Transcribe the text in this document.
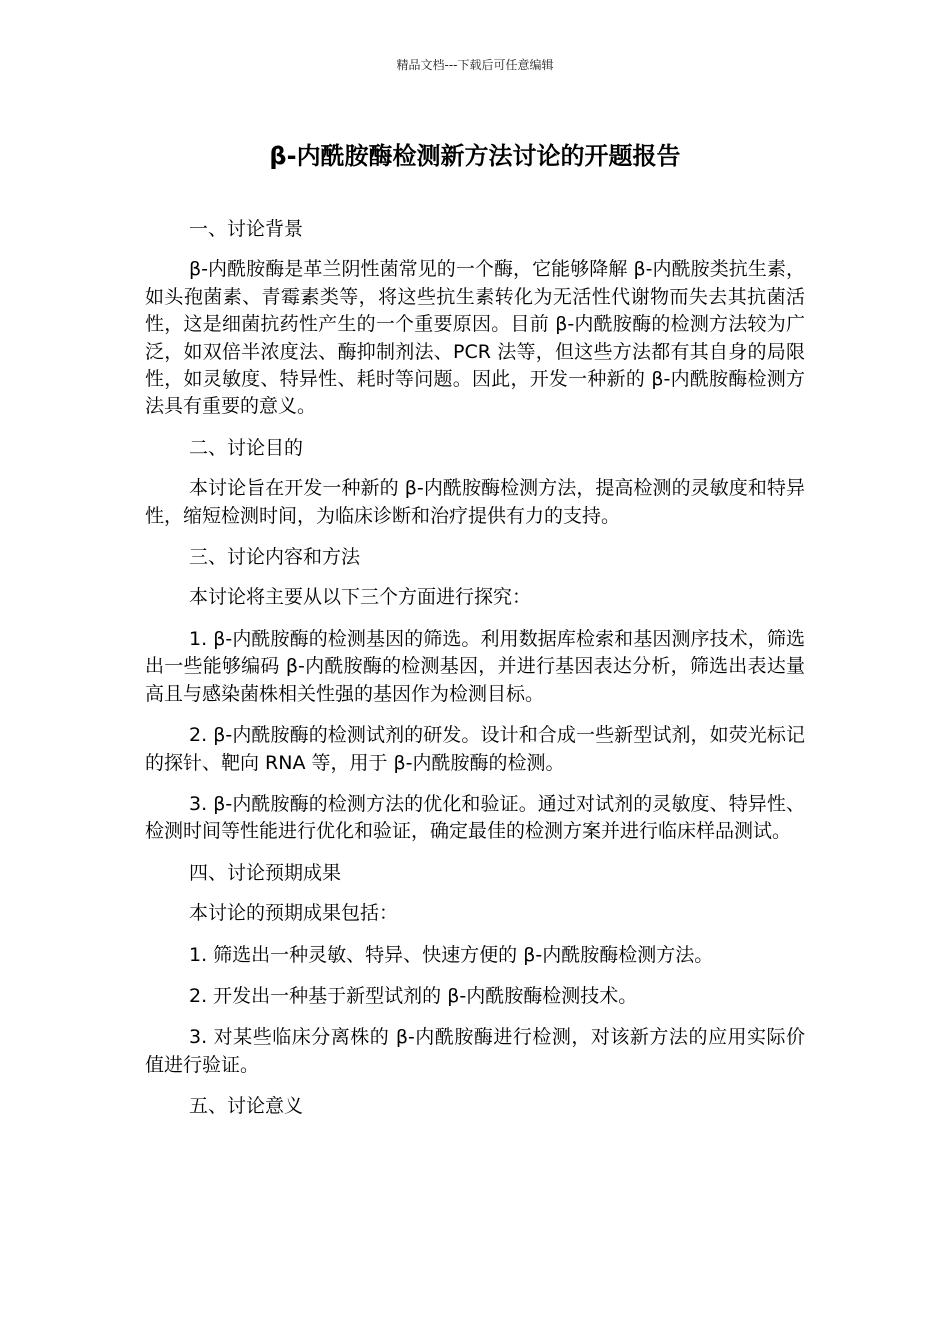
精品文档---下载后可任意编辑
β-内酰胺酶检测新方法讨论的开题报告

一、讨论背景

β-内酰胺酶是革兰阴性菌常见的一个酶，它能够降解 β-内酰胺类抗生素，如头孢菌素、青霉素类等，将这些抗生素转化为无活性代谢物而失去其抗菌活性，这是细菌抗药性产生的一个重要原因。目前 β-内酰胺酶的检测方法较为广泛，如双倍半浓度法、酶抑制剂法、PCR 法等，但这些方法都有其自身的局限性，如灵敏度、特异性、耗时等问题。因此，开发一种新的 β-内酰胺酶检测方法具有重要的意义。

二、讨论目的

本讨论旨在开发一种新的 β-内酰胺酶检测方法，提高检测的灵敏度和特异性，缩短检测时间，为临床诊断和治疗提供有力的支持。

三、讨论内容和方法

本讨论将主要从以下三个方面进行探究：

1. β-内酰胺酶的检测基因的筛选。利用数据库检索和基因测序技术，筛选出一些能够编码 β-内酰胺酶的检测基因，并进行基因表达分析，筛选出表达量高且与感染菌株相关性强的基因作为检测目标。

2. β-内酰胺酶的检测试剂的研发。设计和合成一些新型试剂，如荧光标记的探针、靶向 RNA 等，用于 β-内酰胺酶的检测。

3. β-内酰胺酶的检测方法的优化和验证。通过对试剂的灵敏度、特异性、检测时间等性能进行优化和验证，确定最佳的检测方案并进行临床样品测试。

四、讨论预期成果

本讨论的预期成果包括：

1. 筛选出一种灵敏、特异、快速方便的 β-内酰胺酶检测方法。

2. 开发出一种基于新型试剂的 β-内酰胺酶检测技术。

3. 对某些临床分离株的 β-内酰胺酶进行检测，对该新方法的应用实际价值进行验证。

五、讨论意义
